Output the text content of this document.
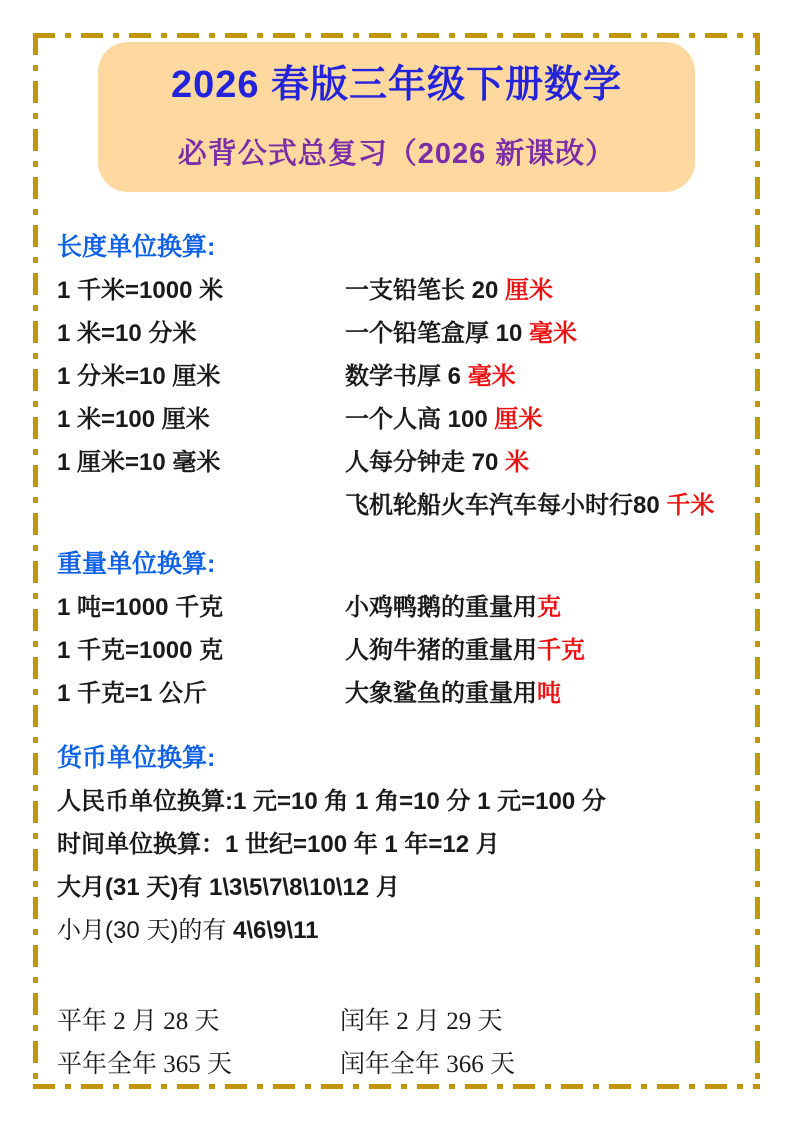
2026 春版三年级下册数学
必背公式总复习（2026 新课改）
长度单位换算:
1 千米=1000 米	一支铅笔长 20 厘米
1 米=10 分米	一个铅笔盒厚 10 毫米
1 分米=10 厘米	数学书厚 6 毫米
1 米=100 厘米	一个人高 100 厘米
1 厘米=10 毫米	人每分钟走 70 米
飞机轮船火车汽车每小时行80 千米
重量单位换算:
1 吨=1000 千克	小鸡鸭鹅的重量用克
1 千克=1000 克	人狗牛猪的重量用千克
1 千克=1 公斤	大象鲨鱼的重量用吨
货币单位换算:
人民币单位换算:1 元=10 角 1 角=10 分 1 元=100 分
时间单位换算：1 世纪=100 年 1 年=12 月
大月(31 天)有 1\3\5\7\8\10\12 月
小月(30 天)的有 4\6\9\11
平年 2 月 28 天	闰年 2 月 29 天
平年全年 365 天	闰年全年 366 天
